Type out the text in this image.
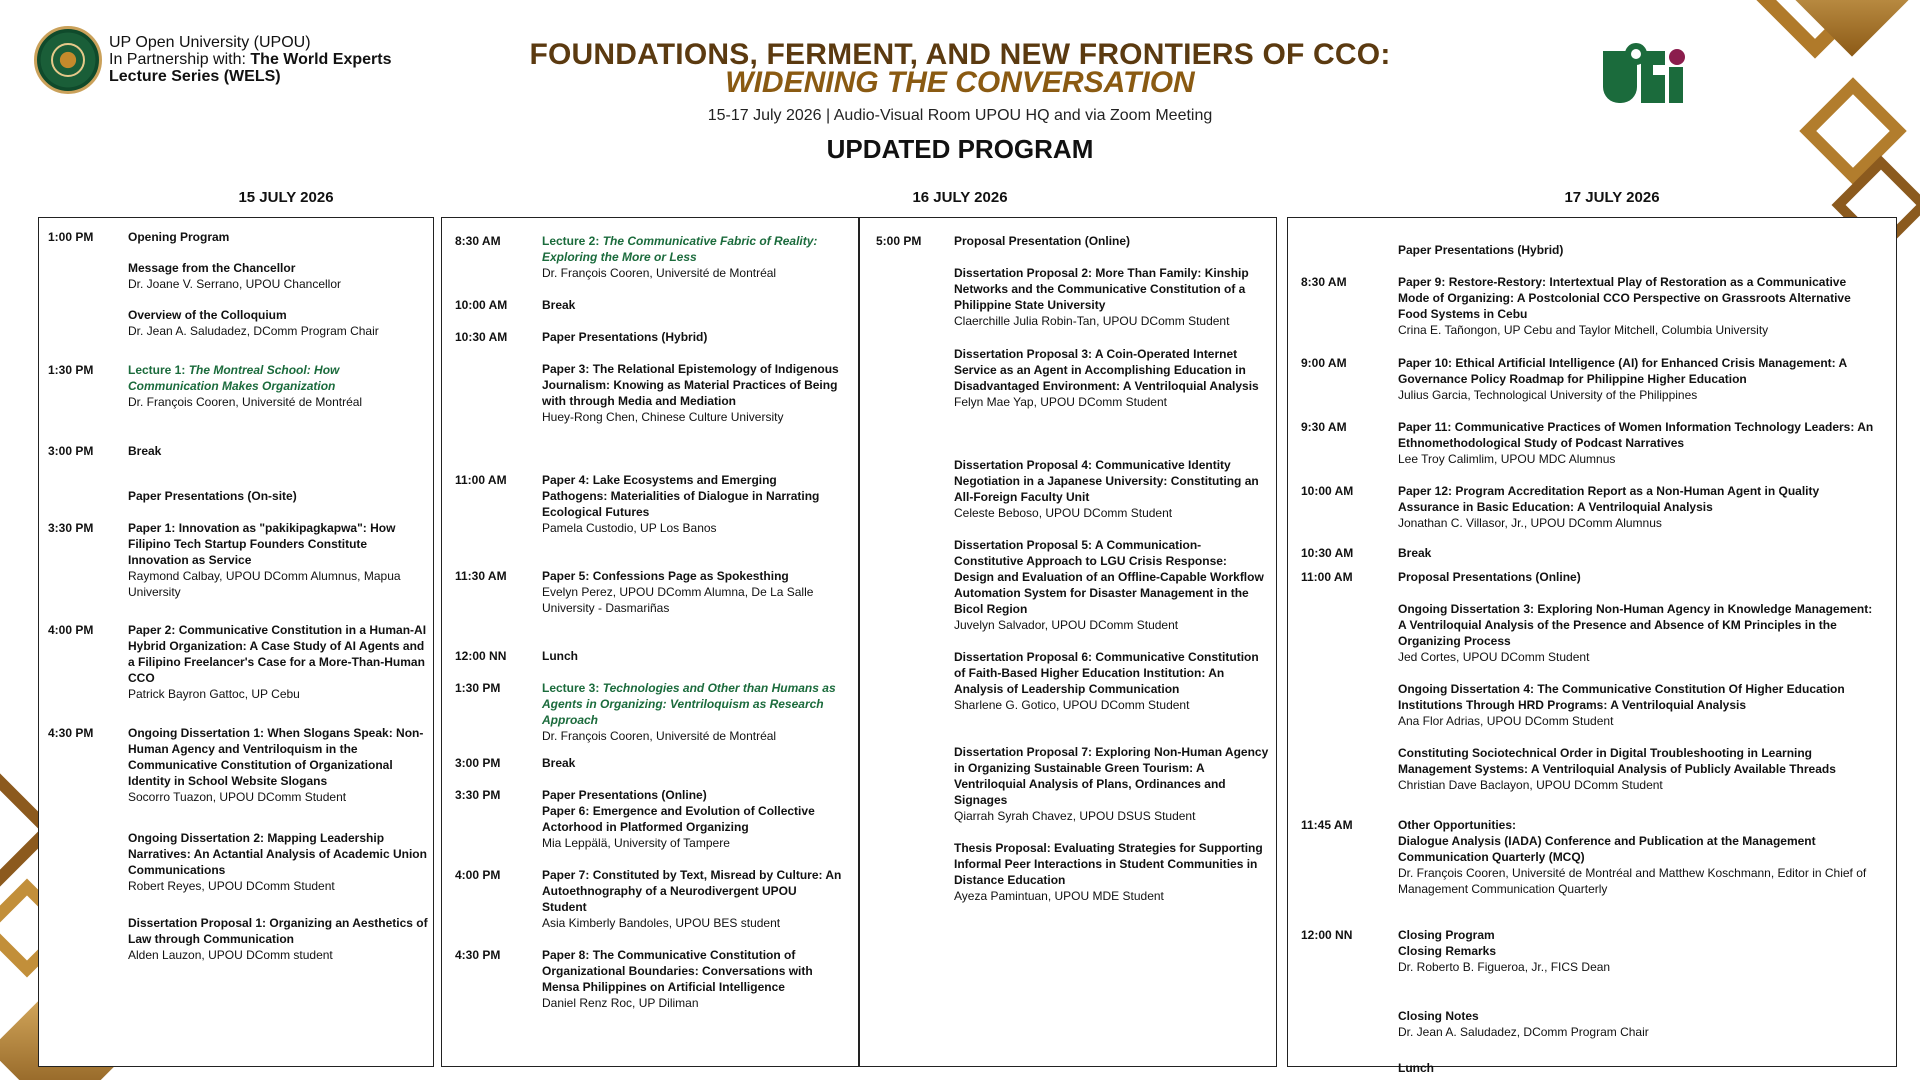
UP Open University (UPOU)
In Partnership with: The World Experts
Lecture Series (WELS)
FOUNDATIONS, FERMENT, AND NEW FRONTIERS OF CCO:
WIDENING THE CONVERSATION
15-17 July 2026 | Audio-Visual Room UPOU HQ and via Zoom Meeting
UPDATED PROGRAM
15 JULY 2026	16 JULY 2026	17 JULY 2026
1:00 PM	Opening Program
Message from the Chancellor
Dr. Joane V. Serrano, UPOU Chancellor
Overview of the Colloquium
Dr. Jean A. Saludadez, DComm Program Chair
1:30 PM	Lecture 1: The Montreal School: How Communication Makes Organization
Dr. François Cooren, Université de Montréal
3:00 PM	Break
Paper Presentations (On-site)
3:30 PM	Paper 1: Innovation as "pakikipagkapwa": How Filipino Tech Startup Founders Constitute Innovation as Service
Raymond Calbay, UPOU DComm Alumnus, Mapua University
4:00 PM	Paper 2: Communicative Constitution in a Human-AI Hybrid Organization: A Case Study of AI Agents and a Filipino Freelancer's Case for a More-Than-Human CCO
Patrick Bayron Gattoc, UP Cebu
4:30 PM	Ongoing Dissertation 1: When Slogans Speak: Non-Human Agency and Ventriloquism in the Communicative Constitution of Organizational Identity in School Website Slogans
Socorro Tuazon, UPOU DComm Student
Ongoing Dissertation 2: Mapping Leadership Narratives: An Actantial Analysis of Academic Union Communications
Robert Reyes, UPOU DComm Student
Dissertation Proposal 1: Organizing an Aesthetics of Law through Communication
Alden Lauzon, UPOU DComm student
8:30 AM	Lecture 2: The Communicative Fabric of Reality: Exploring the More or Less
Dr. François Cooren, Université de Montréal
10:00 AM	Break
10:30 AM	Paper Presentations (Hybrid)
Paper 3: The Relational Epistemology of Indigenous Journalism: Knowing as Material Practices of Being with through Media and Mediation
Huey-Rong Chen, Chinese Culture University
11:00 AM	Paper 4: Lake Ecosystems and Emerging Pathogens: Materialities of Dialogue in Narrating Ecological Futures
Pamela Custodio, UP Los Banos
11:30 AM	Paper 5: Confessions Page as Spokesthing
Evelyn Perez, UPOU DComm Alumna, De La Salle University - Dasmariñas
12:00 NN	Lunch
1:30 PM	Lecture 3: Technologies and Other than Humans as Agents in Organizing: Ventriloquism as Research Approach
Dr. François Cooren, Université de Montréal
3:00 PM	Break
3:30 PM	Paper Presentations (Online)
Paper 6: Emergence and Evolution of Collective Actorhood in Platformed Organizing
Mia Leppälä, University of Tampere
4:00 PM	Paper 7: Constituted by Text, Misread by Culture: An Autoethnography of a Neurodivergent UPOU Student
Asia Kimberly Bandoles, UPOU BES student
4:30 PM	Paper 8: The Communicative Constitution of Organizational Boundaries: Conversations with Mensa Philippines on Artificial Intelligence
Daniel Renz Roc, UP Diliman
5:00 PM	Proposal Presentation (Online)
Dissertation Proposal 2: More Than Family: Kinship Networks and the Communicative Constitution of a Philippine State University
Claerchille Julia Robin-Tan, UPOU DComm Student
Dissertation Proposal 3: A Coin-Operated Internet Service as an Agent in Accomplishing Education in Disadvantaged Environment: A Ventriloquial Analysis
Felyn Mae Yap, UPOU DComm Student
Dissertation Proposal 4: Communicative Identity Negotiation in a Japanese University: Constituting an All-Foreign Faculty Unit
Celeste Beboso, UPOU DComm Student
Dissertation Proposal 5: A Communication-Constitutive Approach to LGU Crisis Response: Design and Evaluation of an Offline-Capable Workflow Automation System for Disaster Management in the Bicol Region
Juvelyn Salvador, UPOU DComm Student
Dissertation Proposal 6: Communicative Constitution of Faith-Based Higher Education Institution: An Analysis of Leadership Communication
Sharlene G. Gotico, UPOU DComm Student
Dissertation Proposal 7: Exploring Non-Human Agency in Organizing Sustainable Green Tourism: A Ventriloquial Analysis of Plans, Ordinances and Signages
Qiarrah Syrah Chavez, UPOU DSUS Student
Thesis Proposal: Evaluating Strategies for Supporting Informal Peer Interactions in Student Communities in Distance Education
Ayeza Pamintuan, UPOU MDE Student
Paper Presentations (Hybrid)
8:30 AM	Paper 9: Restore-Restory: Intertextual Play of Restoration as a Communicative Mode of Organizing: A Postcolonial CCO Perspective on Grassroots Alternative Food Systems in Cebu
Crina E. Tañongon, UP Cebu and Taylor Mitchell, Columbia University
9:00 AM	Paper 10: Ethical Artificial Intelligence (AI) for Enhanced Crisis Management: A Governance Policy Roadmap for Philippine Higher Education
Julius Garcia, Technological University of the Philippines
9:30 AM	Paper 11: Communicative Practices of Women Information Technology Leaders: An Ethnomethodological Study of Podcast Narratives
Lee Troy Calimlim, UPOU MDC Alumnus
10:00 AM	Paper 12: Program Accreditation Report as a Non-Human Agent in Quality Assurance in Basic Education: A Ventriloquial Analysis
Jonathan C. Villasor, Jr., UPOU DComm Alumnus
10:30 AM	Break
11:00 AM	Proposal Presentations (Online)
Ongoing Dissertation 3: Exploring Non-Human Agency in Knowledge Management: A Ventriloquial Analysis of the Presence and Absence of KM Principles in the Organizing Process
Jed Cortes, UPOU DComm Student
Ongoing Dissertation 4: The Communicative Constitution Of Higher Education Institutions Through HRD Programs: A Ventriloquial Analysis
Ana Flor Adrias, UPOU DComm Student
Constituting Sociotechnical Order in Digital Troubleshooting in Learning Management Systems: A Ventriloquial Analysis of Publicly Available Threads
Christian Dave Baclayon, UPOU DComm Student
11:45 AM	Other Opportunities:
Dialogue Analysis (IADA) Conference and Publication at the Management Communication Quarterly (MCQ)
Dr. François Cooren, Université de Montréal and Matthew Koschmann, Editor in Chief of Management Communication Quarterly
12:00 NN	Closing Program
Closing Remarks
Dr. Roberto B. Figueroa, Jr., FICS Dean
Closing Notes
Dr. Jean A. Saludadez, DComm Program Chair
Lunch
